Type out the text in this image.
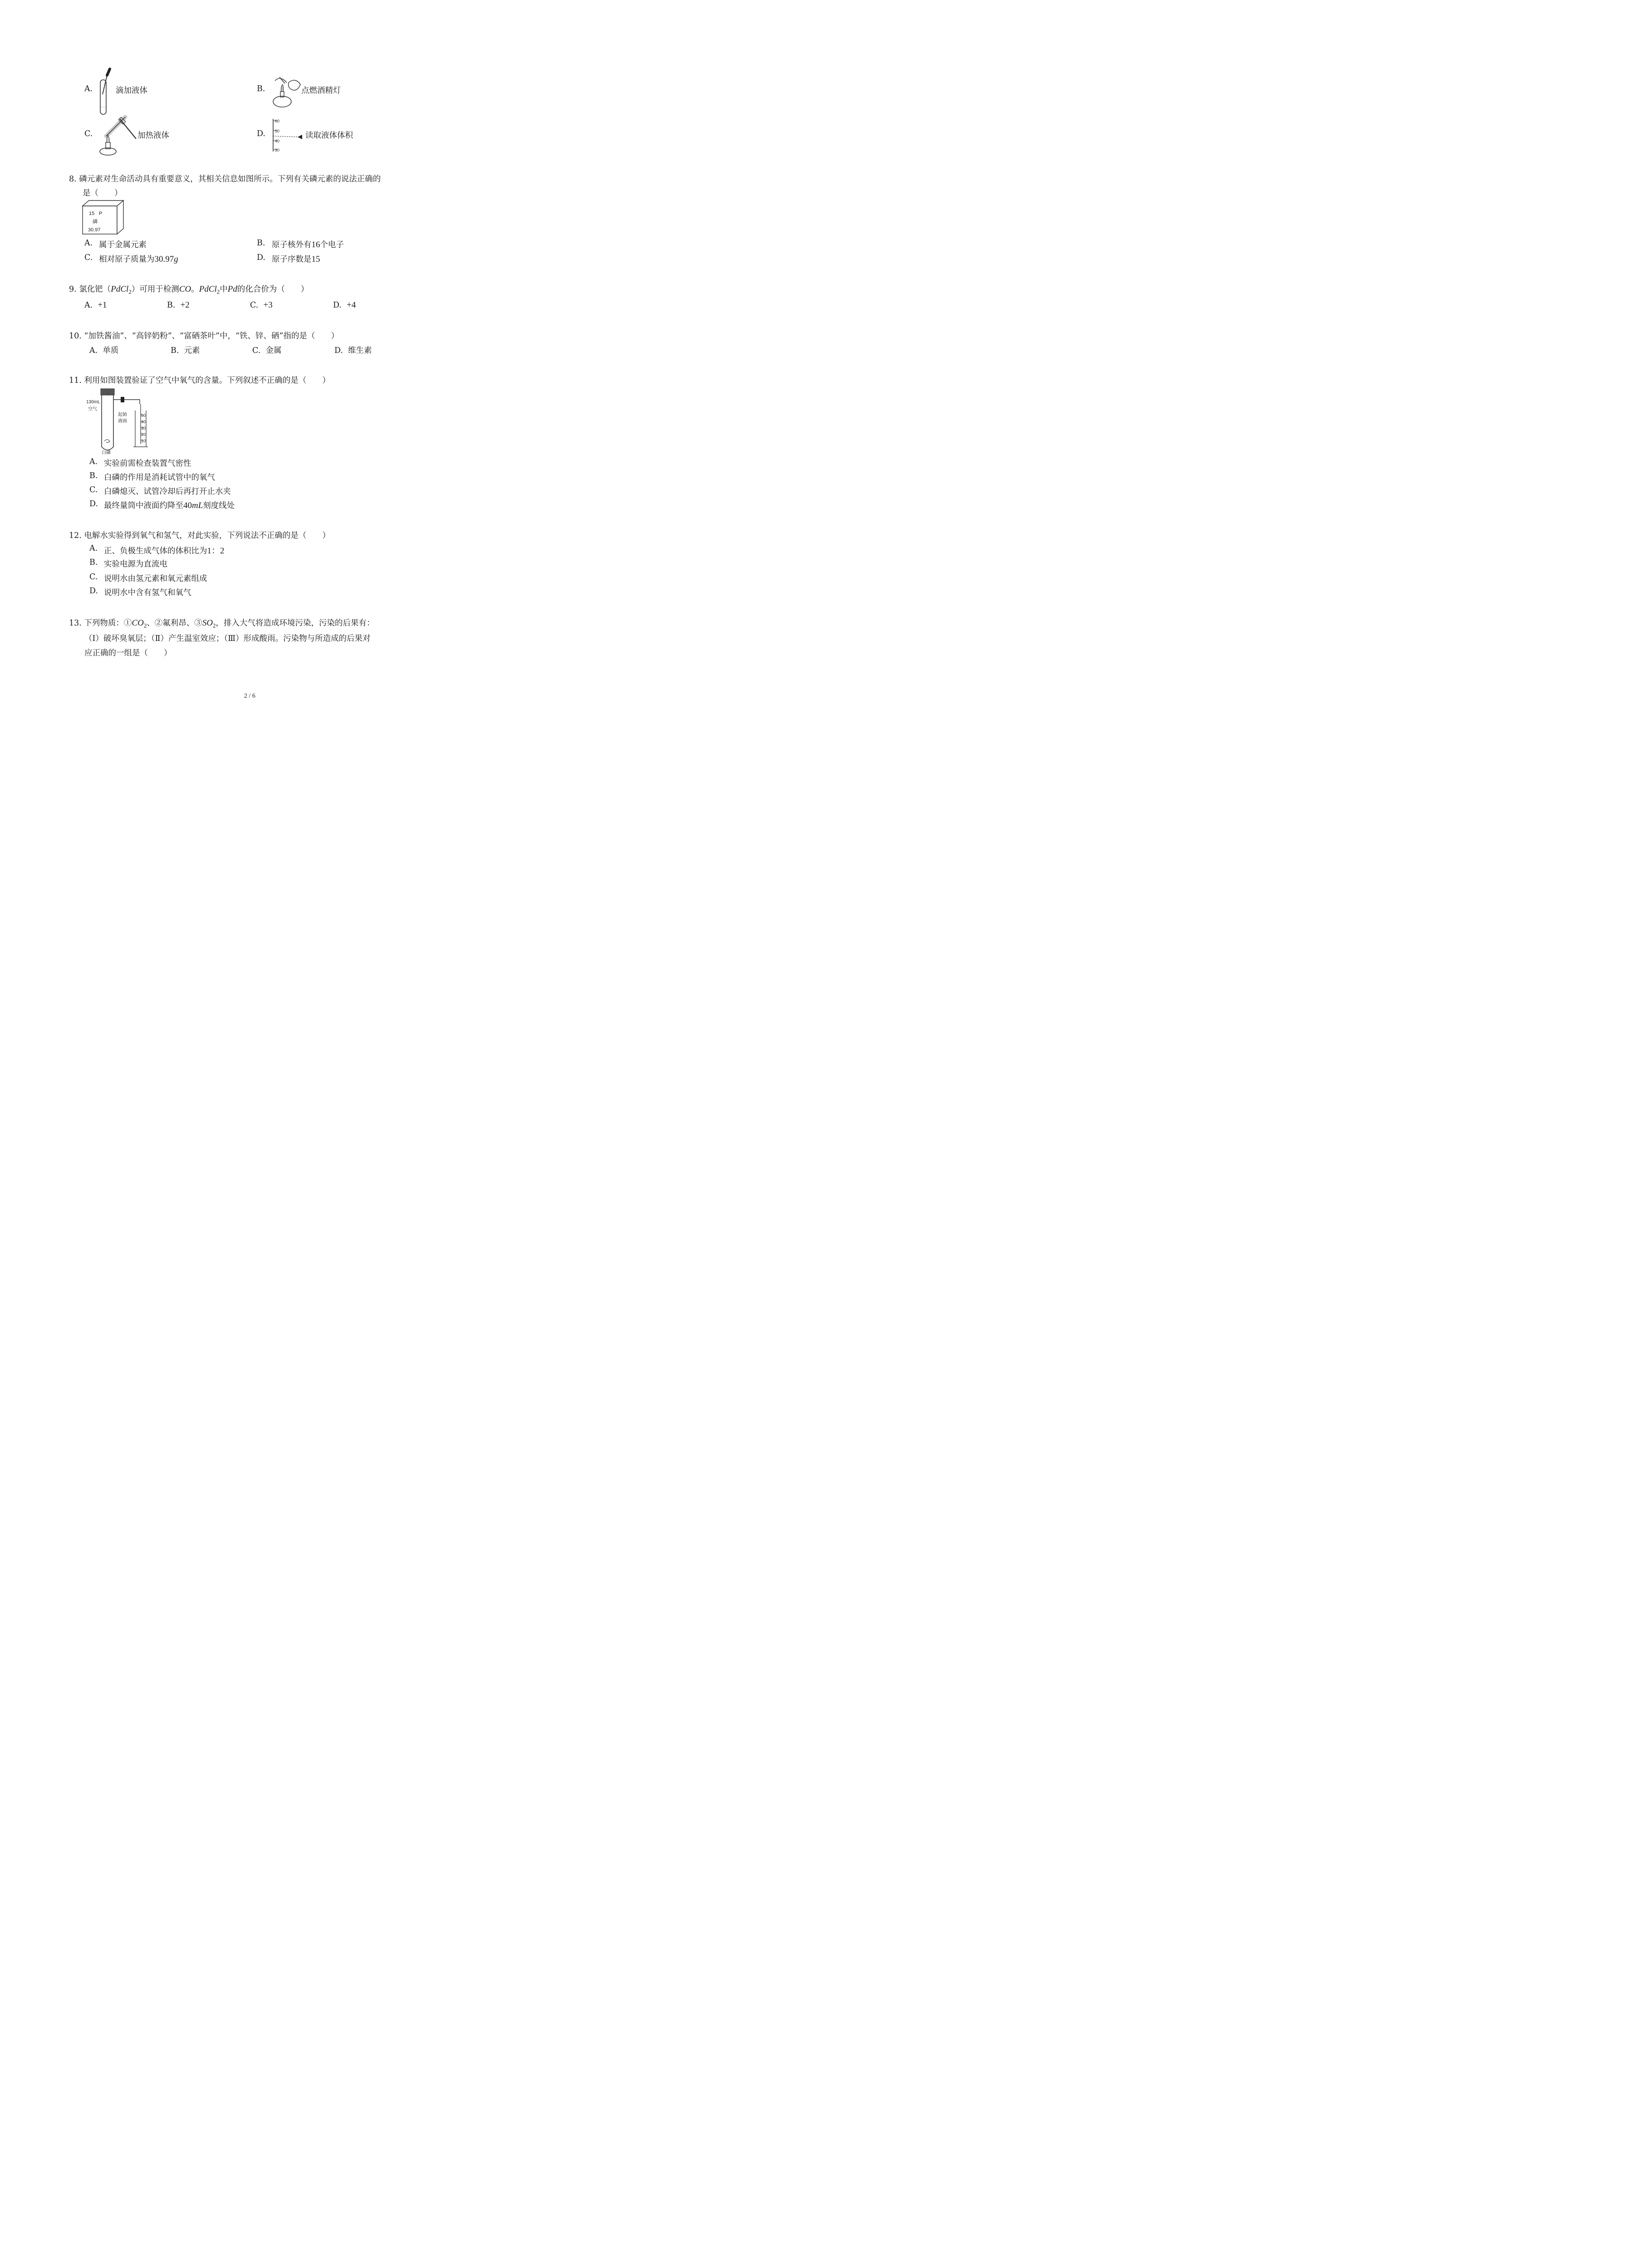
A.	滴加液体	B.	点燃酒精灯
C.	加热液体	D.
60
50
40
30
读取液体体积
8. 磷元素对生命活动具有重要意义，其相关信息如图所示。下列有关磷元素的说法正确的
是（　　）
15 P
磷
30.97
A. 属于金属元素	B. 原子核外有16个电子
C. 相对原子质量为30.97g	D. 原子序数是15
9. 氯化钯（PdCl$_2$）可用于检测CO。PdCl$_2$中Pd的化合价为（　　）
A. +1	B. +2	C. +3	D. +4
10. “加铁酱油”、“高锌奶粉”、“富硒茶叶”中，“铁、锌、硒”指的是（　　）
A. 单质	B. 元素	C. 金属	D. 维生素
11. 利用如图装置验证了空气中氧气的含量。下列叙述不正确的是（　　）
130mL
空气
白磷
50
40
30
20
10
起始
液面
A. 实验前需检查装置气密性
B. 白磷的作用是消耗试管中的氧气
C. 白磷熄灭、试管冷却后再打开止水夹
D. 最终量筒中液面约降至40mL刻度线处
12. 电解水实验得到氧气和氢气，对此实验，下列说法不正确的是（　　）
A. 正、负极生成气体的体积比为1：2
B. 实验电源为直流电
C. 说明水由氢元素和氧元素组成
D. 说明水中含有氢气和氧气
13. 下列物质：$①CO_2$、②氟利昂、$③SO_2$，排入大气将造成环境污染，污染的后果有：
（Ⅰ）破坏臭氧层；（Ⅱ）产生温室效应；（Ⅲ）形成酸雨。污染物与所造成的后果对
应正确的一组是（　　）
2 / 6
